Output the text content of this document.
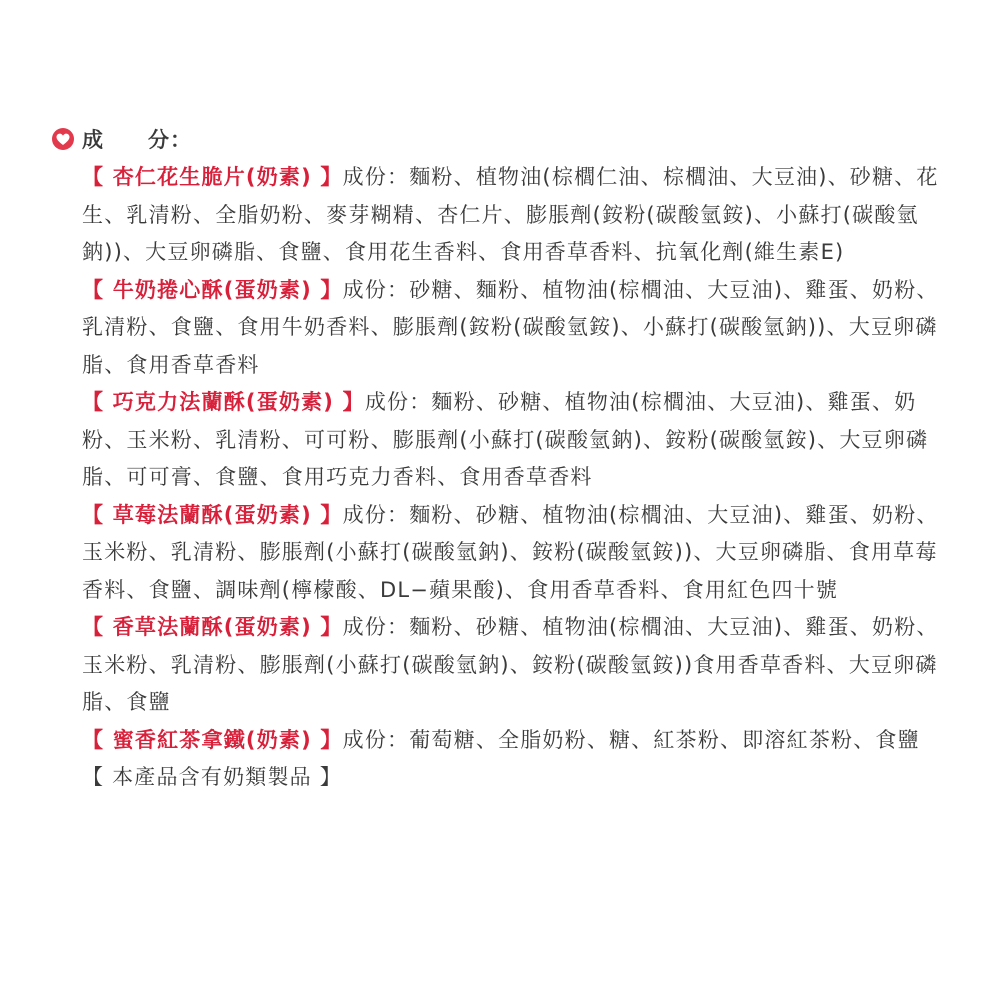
成　　分：

【 杏仁花生脆片(奶素) 】成份：麵粉、植物油(棕櫚仁油、棕櫚油、大豆油)、砂糖、花生、乳清粉、全脂奶粉、麥芽糊精、杏仁片、膨脹劑(銨粉(碳酸氫銨)、小蘇打(碳酸氫鈉))、大豆卵磷脂、食鹽、食用花生香料、食用香草香料、抗氧化劑(維生素E)

【 牛奶捲心酥(蛋奶素) 】成份：砂糖、麵粉、植物油(棕櫚油、大豆油)、雞蛋、奶粉、乳清粉、食鹽、食用牛奶香料、膨脹劑(銨粉(碳酸氫銨)、小蘇打(碳酸氫鈉))、大豆卵磷脂、食用香草香料

【 巧克力法蘭酥(蛋奶素) 】成份：麵粉、砂糖、植物油(棕櫚油、大豆油)、雞蛋、奶粉、玉米粉、乳清粉、可可粉、膨脹劑(小蘇打(碳酸氫鈉)、銨粉(碳酸氫銨)、大豆卵磷脂、可可膏、食鹽、食用巧克力香料、食用香草香料

【 草莓法蘭酥(蛋奶素) 】成份：麵粉、砂糖、植物油(棕櫚油、大豆油)、雞蛋、奶粉、玉米粉、乳清粉、膨脹劑(小蘇打(碳酸氫鈉)、銨粉(碳酸氫銨))、大豆卵磷脂、食用草莓香料、食鹽、調味劑(檸檬酸、DL−蘋果酸)、食用香草香料、食用紅色四十號

【 香草法蘭酥(蛋奶素) 】成份：麵粉、砂糖、植物油(棕櫚油、大豆油)、雞蛋、奶粉、玉米粉、乳清粉、膨脹劑(小蘇打(碳酸氫鈉)、銨粉(碳酸氫銨))食用香草香料、大豆卵磷脂、食鹽

【 蜜香紅茶拿鐵(奶素) 】成份：葡萄糖、全脂奶粉、糖、紅茶粉、即溶紅茶粉、食鹽【 本產品含有奶類製品 】
